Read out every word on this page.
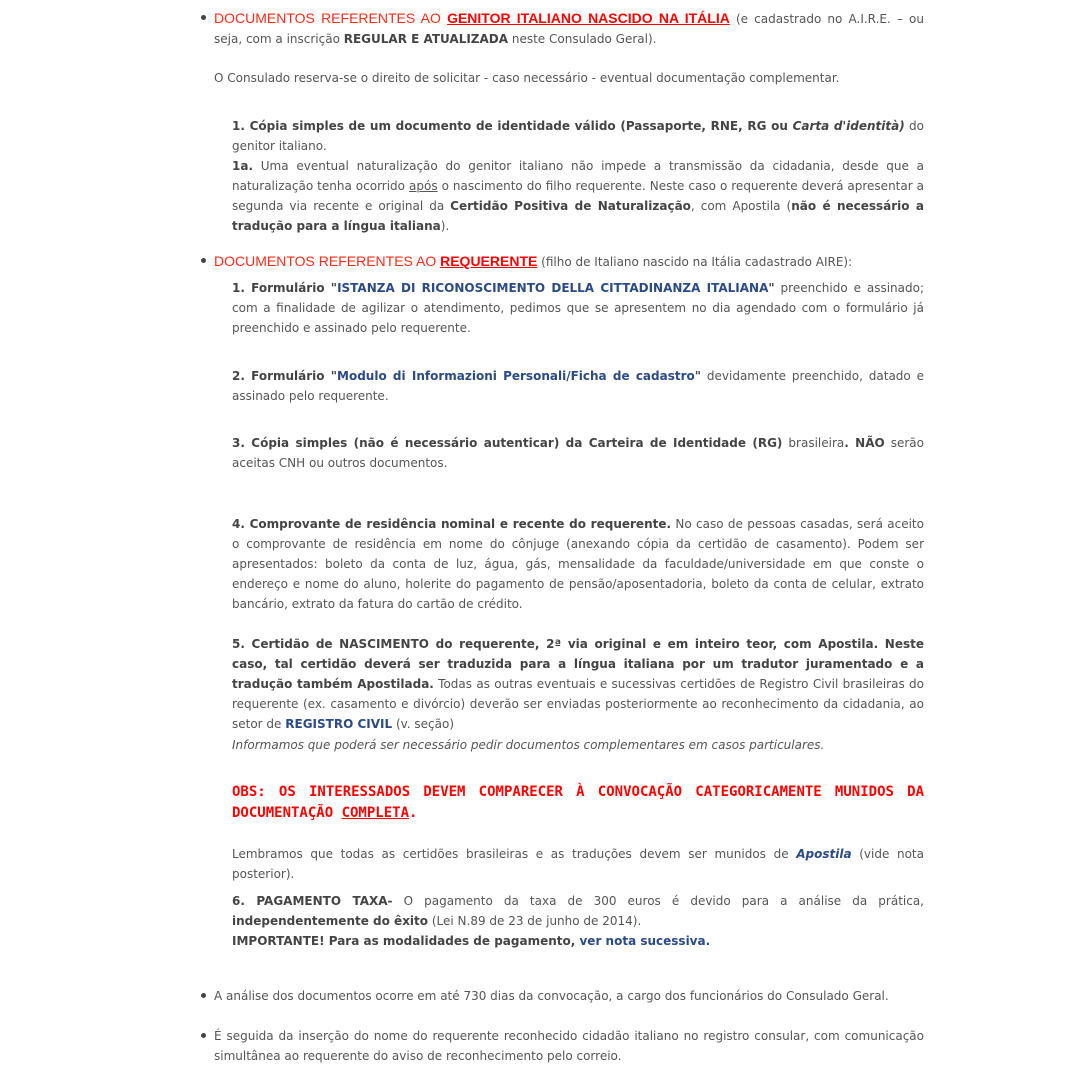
DOCUMENTOS REFERENTES AO GENITOR ITALIANO NASCIDO NA ITÁLIA (e cadastrado no A.I.R.E. – ou seja, com a inscrição REGULAR E ATUALIZADA neste Consulado Geral).
O Consulado reserva-se o direito de solicitar - caso necessário - eventual documentação complementar.
1. Cópia simples de um documento de identidade válido (Passaporte, RNE, RG ou Carta d'identità) do genitor italiano.
1a. Uma eventual naturalização do genitor italiano não impede a transmissão da cidadania, desde que a naturalização tenha ocorrido após o nascimento do filho requerente. Neste caso o requerente deverá apresentar a segunda via recente e original da Certidão Positiva de Naturalização, com Apostila (não é necessário a tradução para a língua italiana).
DOCUMENTOS REFERENTES AO REQUERENTE (filho de Italiano nascido na Itália cadastrado AIRE):
1. Formulário "ISTANZA DI RICONOSCIMENTO DELLA CITTADINANZA ITALIANA" preenchido e assinado; com a finalidade de agilizar o atendimento, pedimos que se apresentem no dia agendado com o formulário já preenchido e assinado pelo requerente.
2. Formulário "Modulo di Informazioni Personali/Ficha de cadastro" devidamente preenchido, datado e assinado pelo requerente.
3. Cópia simples (não é necessário autenticar) da Carteira de Identidade (RG) brasileira. NÃO serão aceitas CNH ou outros documentos.
4. Comprovante de residência nominal e recente do requerente. No caso de pessoas casadas, será aceito o comprovante de residência em nome do cônjuge (anexando cópia da certidão de casamento). Podem ser apresentados: boleto da conta de luz, água, gás, mensalidade da faculdade/universidade em que conste o endereço e nome do aluno, holerite do pagamento de pensão/aposentadoria, boleto da conta de celular, extrato bancário, extrato da fatura do cartão de crédito.
5. Certidão de NASCIMENTO do requerente, 2ª via original e em inteiro teor, com Apostila. Neste caso, tal certidão deverá ser traduzida para a língua italiana por um tradutor juramentado e a tradução também Apostilada. Todas as outras eventuais e sucessivas certidões de Registro Civil brasileiras do requerente (ex. casamento e divórcio) deverão ser enviadas posteriormente ao reconhecimento da cidadania, ao setor de REGISTRO CIVIL (v. seção)
Informamos que poderá ser necessário pedir documentos complementares em casos particulares.
OBS: OS INTERESSADOS DEVEM COMPARECER À CONVOCAÇÃO CATEGORICAMENTE MUNIDOS DA DOCUMENTAÇÃO COMPLETA.
Lembramos que todas as certidões brasileiras e as traduções devem ser munidos de Apostila (vide nota posterior).
6. PAGAMENTO TAXA- O pagamento da taxa de 300 euros é devido para a análise da prática, independentemente do êxito (Lei N.89 de 23 de junho de 2014).
IMPORTANTE! Para as modalidades de pagamento, ver nota sucessiva.
A análise dos documentos ocorre em até 730 dias da convocação, a cargo dos funcionários do Consulado Geral.
É seguida da inserção do nome do requerente reconhecido cidadão italiano no registro consular, com comunicação simultânea ao requerente do aviso de reconhecimento pelo correio.
